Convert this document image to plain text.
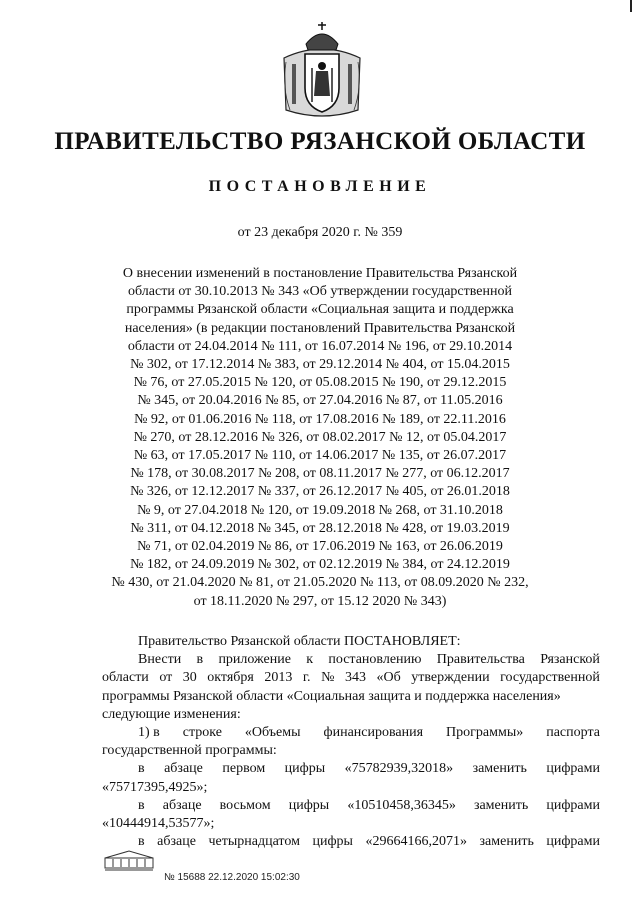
ПРАВИТЕЛЬСТВО РЯЗАНСКОЙ ОБЛАСТИ
ПОСТАНОВЛЕНИЕ
от 23 декабря 2020 г. № 359
О внесении изменений в постановление Правительства Рязанской
области от 30.10.2013 № 343 «Об утверждении государственной
программы Рязанской области «Социальная защита и поддержка
населения» (в редакции постановлений Правительства Рязанской
области от 24.04.2014 № 111, от 16.07.2014 № 196, от 29.10.2014
№ 302, от 17.12.2014 № 383, от 29.12.2014 № 404, от 15.04.2015
№ 76, от 27.05.2015 № 120, от 05.08.2015 № 190, от 29.12.2015
№ 345, от 20.04.2016 № 85, от 27.04.2016 № 87, от 11.05.2016
№ 92, от 01.06.2016 № 118, от 17.08.2016 № 189, от 22.11.2016
№ 270, от 28.12.2016 № 326, от 08.02.2017 № 12, от 05.04.2017
№ 63, от 17.05.2017 № 110, от 14.06.2017 № 135, от 26.07.2017
№ 178, от 30.08.2017 № 208, от 08.11.2017 № 277, от 06.12.2017
№ 326, от 12.12.2017 № 337, от 26.12.2017 № 405, от 26.01.2018
№ 9, от 27.04.2018 № 120, от 19.09.2018 № 268, от 31.10.2018
№ 311, от 04.12.2018 № 345, от 28.12.2018 № 428, от 19.03.2019
№ 71, от 02.04.2019 № 86, от 17.06.2019 № 163, от 26.06.2019
№ 182, от 24.09.2019 № 302, от 02.12.2019 № 384, от 24.12.2019
№ 430, от 21.04.2020 № 81, от 21.05.2020 № 113, от 08.09.2020 № 232,
от 18.11.2020 № 297, от 15.12 2020 № 343)
Правительство Рязанской области ПОСТАНОВЛЯЕТ:
Внести в приложение к постановлению Правительства Рязанской
области от 30 октября 2013 г. № 343 «Об утверждении государственной
программы Рязанской области «Социальная защита и поддержка населения»
следующие изменения:
1) в строке «Объемы финансирования Программы» паспорта
государственной программы:
в абзаце первом цифры «75782939,32018» заменить цифрами
«75717395,4925»;
в абзаце восьмом цифры «10510458,36345» заменить цифрами
«10444914,53577»;
в абзаце четырнадцатом цифры «29664166,2071» заменить цифрами
№ 15688 22.12.2020 15:02:30
